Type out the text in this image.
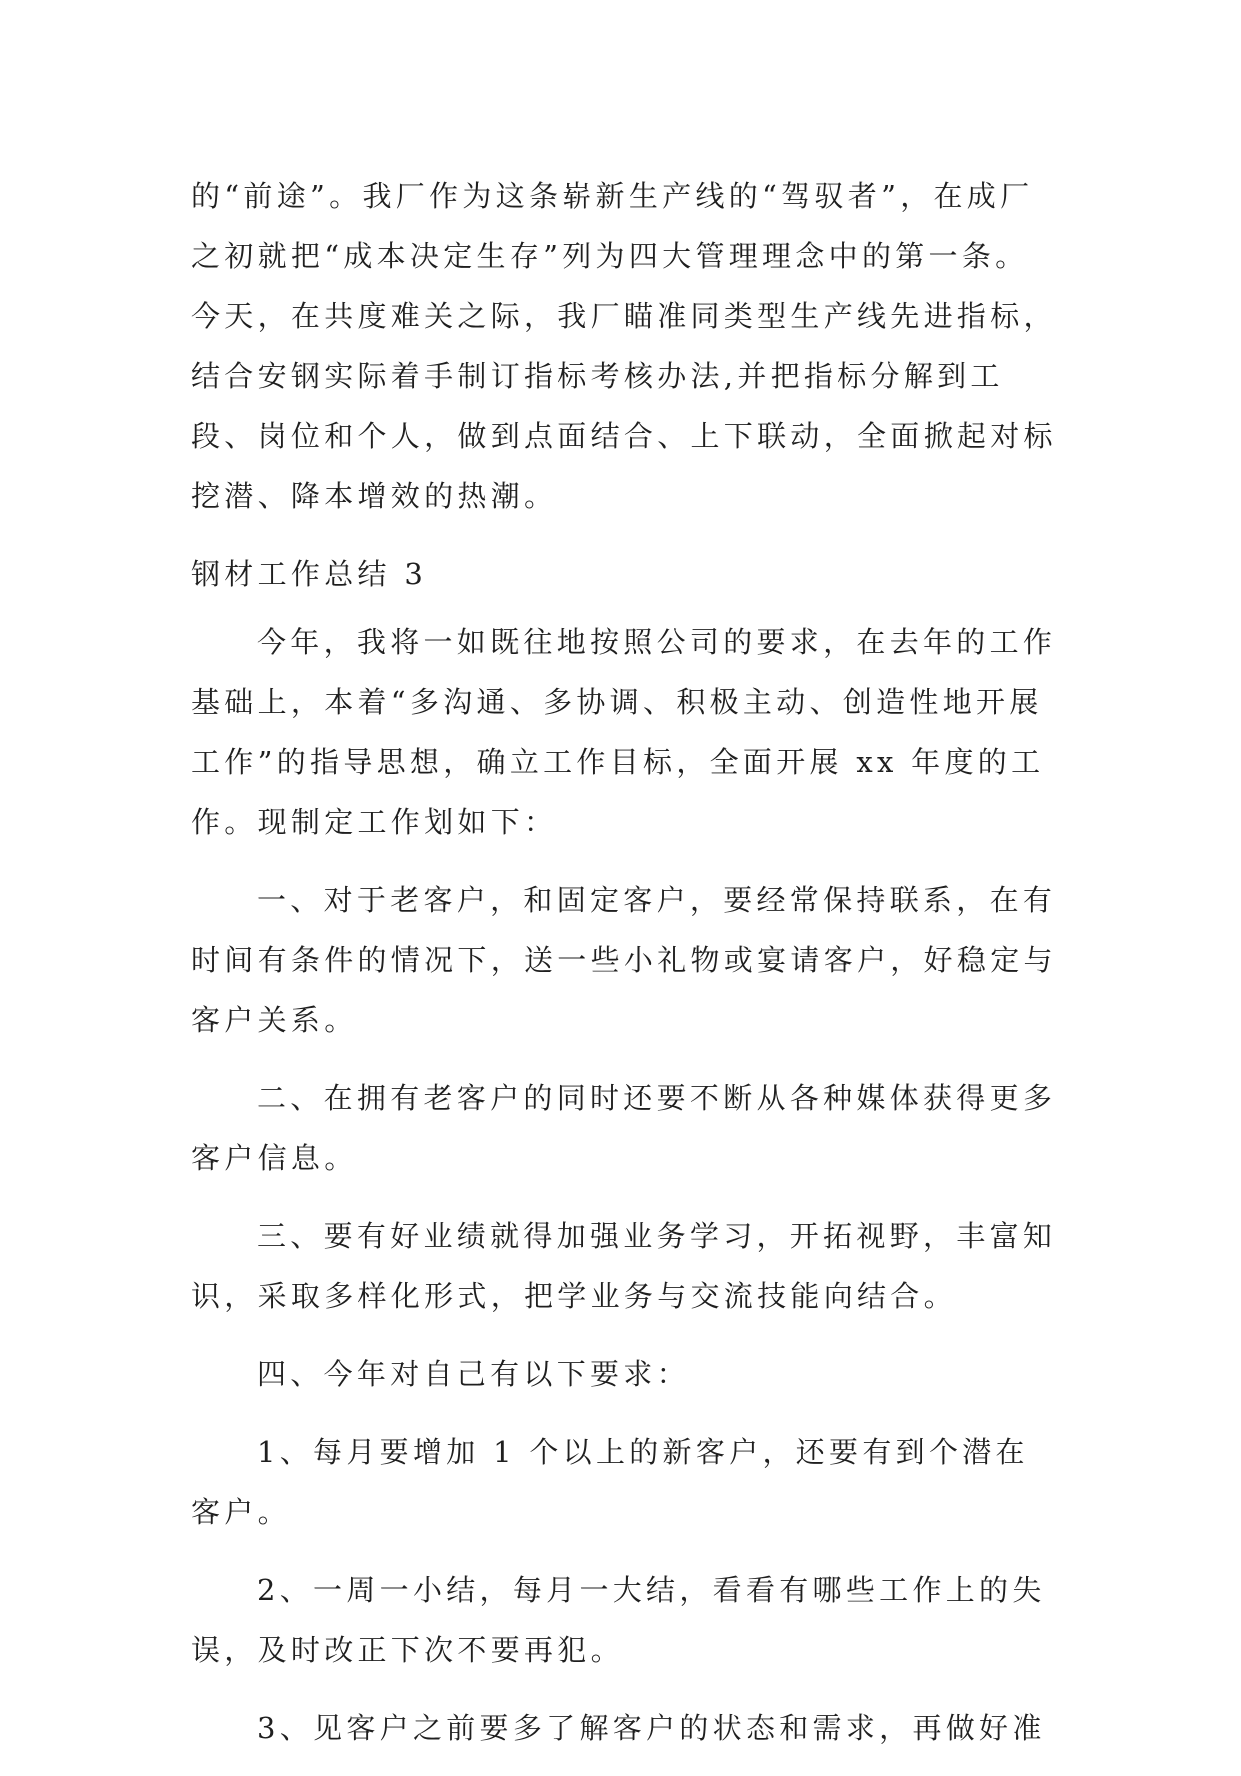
的“前途”。我厂作为这条崭新生产线的“驾驭者”，在成厂之初就把“成本决定生存”列为四大管理理念中的第一条。今天，在共度难关之际，我厂瞄准同类型生产线先进指标，结合安钢实际着手制订指标考核办法,并把指标分解到工段、岗位和个人，做到点面结合、上下联动，全面掀起对标挖潜、降本增效的热潮。

钢材工作总结 3

今年，我将一如既往地按照公司的要求，在去年的工作基础上，本着“多沟通、多协调、积极主动、创造性地开展工作”的指导思想，确立工作目标，全面开展 xx 年度的工作。现制定工作划如下：

一、对于老客户，和固定客户，要经常保持联系，在有时间有条件的情况下，送一些小礼物或宴请客户，好稳定与客户关系。

二、在拥有老客户的同时还要不断从各种媒体获得更多客户信息。

三、要有好业绩就得加强业务学习，开拓视野，丰富知识，采取多样化形式，把学业务与交流技能向结合。

四、今年对自己有以下要求：

1、每月要增加 1 个以上的新客户，还要有到个潜在客户。

2、一周一小结，每月一大结，看看有哪些工作上的失误，及时改正下次不要再犯。

3、见客户之前要多了解客户的状态和需求，再做好准
